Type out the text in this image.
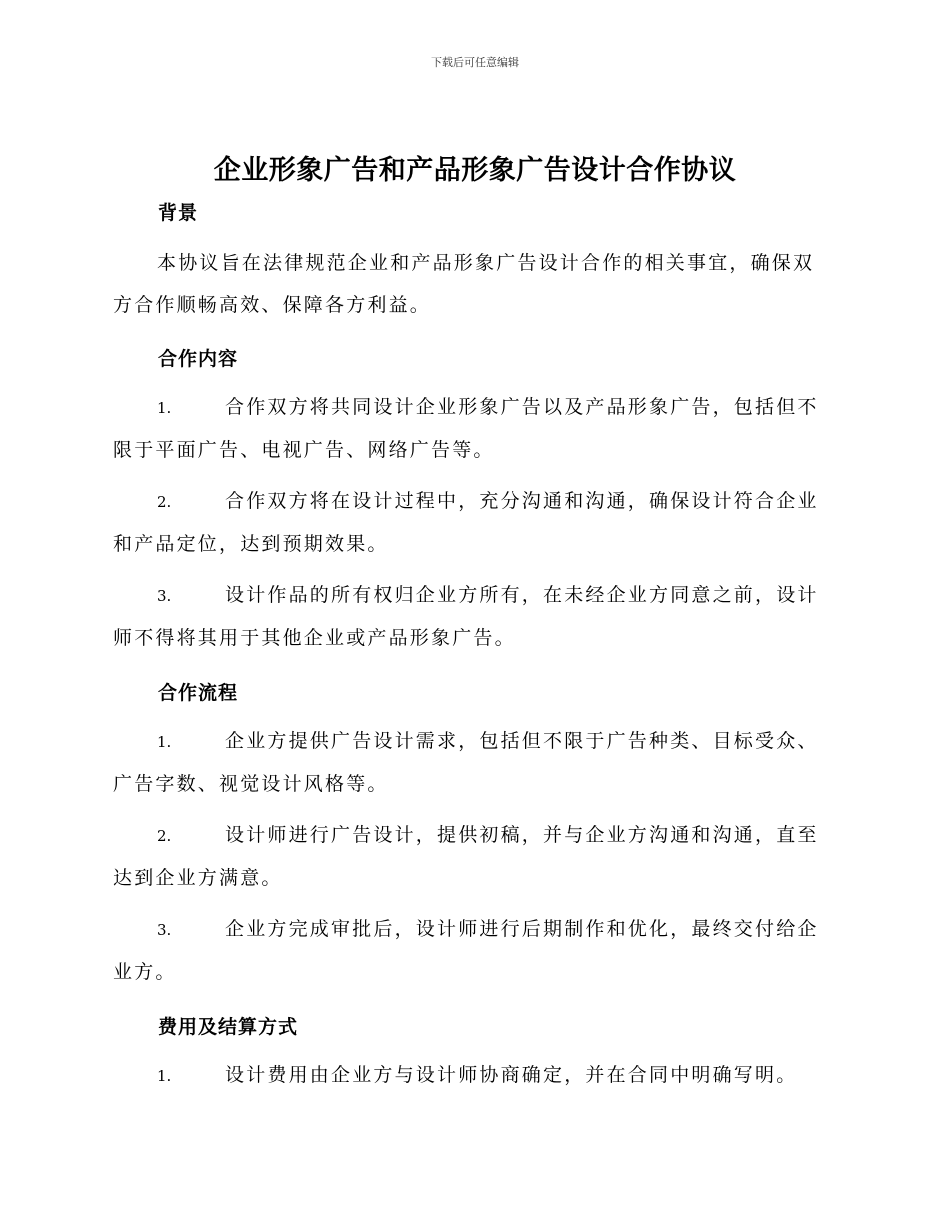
下载后可任意编辑
企业形象广告和产品形象广告设计合作协议
背景
本协议旨在法律规范企业和产品形象广告设计合作的相关事宜，确保双方合作顺畅高效、保障各方利益。
合作内容
1.	合作双方将共同设计企业形象广告以及产品形象广告，包括但不限于平面广告、电视广告、网络广告等。
2.	合作双方将在设计过程中，充分沟通和沟通，确保设计符合企业和产品定位，达到预期效果。
3.	设计作品的所有权归企业方所有，在未经企业方同意之前，设计师不得将其用于其他企业或产品形象广告。
合作流程
1.	企业方提供广告设计需求，包括但不限于广告种类、目标受众、广告字数、视觉设计风格等。
2.	设计师进行广告设计，提供初稿，并与企业方沟通和沟通，直至达到企业方满意。
3.	企业方完成审批后，设计师进行后期制作和优化，最终交付给企业方。
费用及结算方式
1.	设计费用由企业方与设计师协商确定，并在合同中明确写明。
